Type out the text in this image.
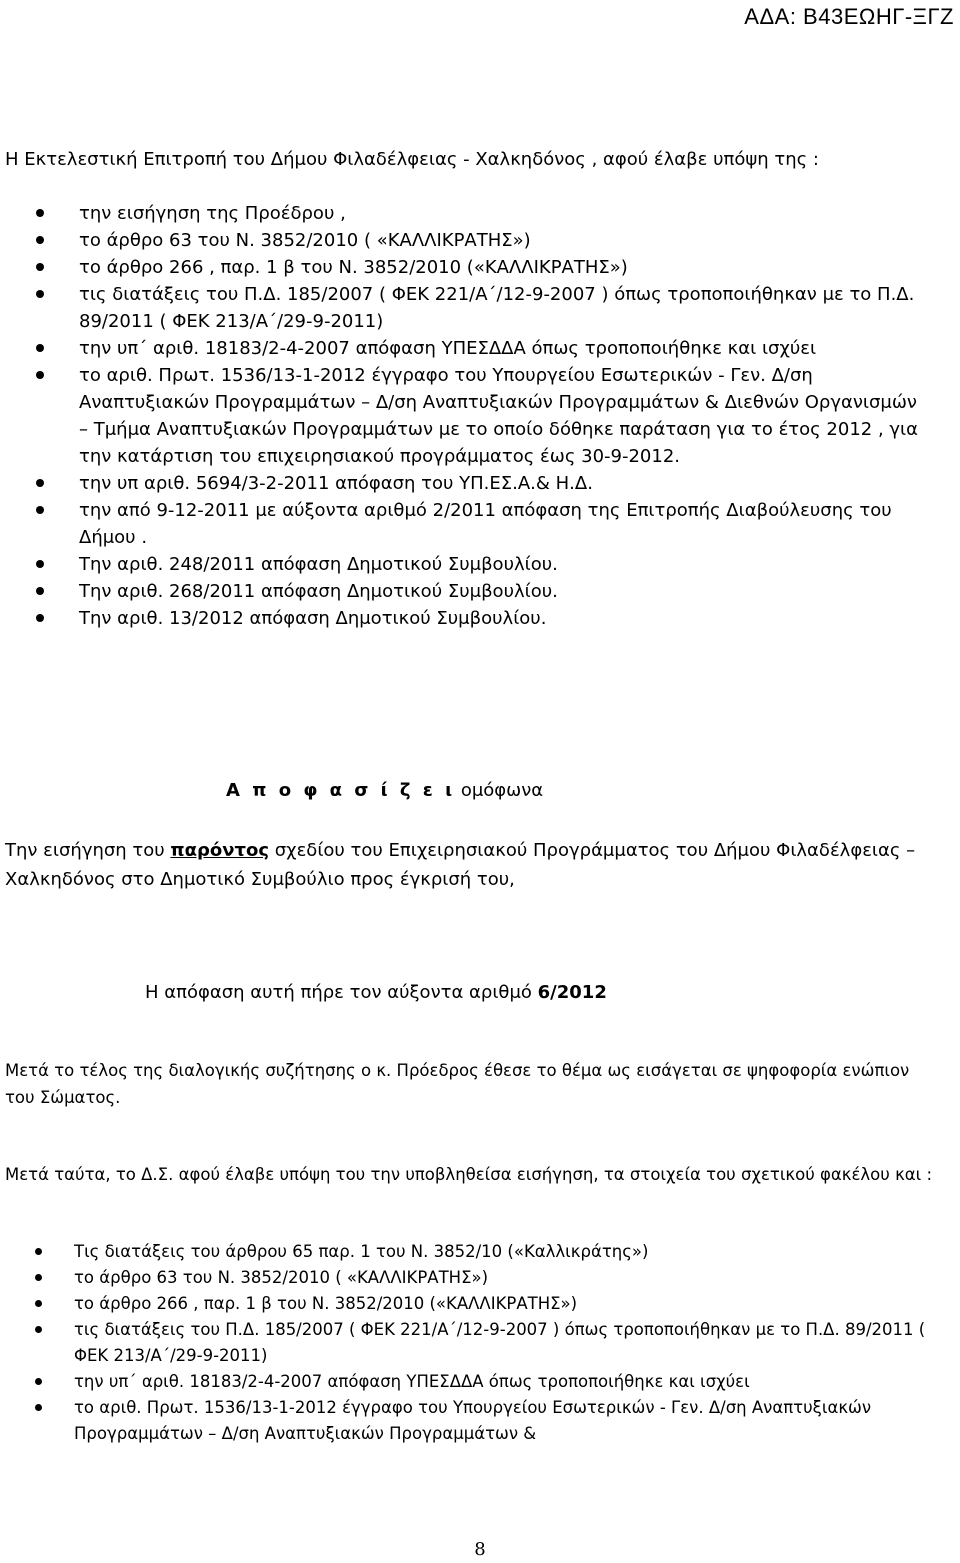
ΑΔΑ: Β43ΕΩΗΓ-ΞΓΖ
Η Εκτελεστική Επιτροπή του Δήμου Φιλαδέλφειας - Χαλκηδόνος , αφού έλαβε υπόψη της :
την εισήγηση της Προέδρου ,
το άρθρο 63 του Ν. 3852/2010 ( «ΚΑΛΛΙΚΡΑΤΗΣ»)
το άρθρο 266 , παρ. 1 β του Ν. 3852/2010 («ΚΑΛΛΙΚΡΑΤΗΣ»)
τις διατάξεις του Π.Δ. 185/2007 ( ΦΕΚ 221/Α΄/12-9-2007 ) όπως τροποποιήθηκαν με το Π.Δ. 89/2011 ( ΦΕΚ 213/Α΄/29-9-2011)
την υπ΄ αριθ. 18183/2-4-2007 απόφαση ΥΠΕΣΔΔΑ όπως τροποποιήθηκε και ισχύει
το αριθ. Πρωτ. 1536/13-1-2012 έγγραφο του Υπουργείου Εσωτερικών - Γεν. Δ/ση Αναπτυξιακών Προγραμμάτων – Δ/ση Αναπτυξιακών Προγραμμάτων & Διεθνών Οργανισμών – Τμήμα Αναπτυξιακών Προγραμμάτων με το οποίο δόθηκε παράταση για το έτος 2012 , για την κατάρτιση του επιχειρησιακού προγράμματος έως 30-9-2012.
την υπ αριθ. 5694/3-2-2011 απόφαση του ΥΠ.ΕΣ.Α.& Η.Δ.
την από 9-12-2011 με αύξοντα αριθμό 2/2011 απόφαση της Επιτροπής Διαβούλευσης του Δήμου .
Την αριθ. 248/2011 απόφαση Δημοτικού Συμβουλίου.
Την αριθ. 268/2011 απόφαση Δημοτικού Συμβουλίου.
Την αριθ. 13/2012 απόφαση Δημοτικού Συμβουλίου.
Α π ο φ α σ ί ζ ε ι ομόφωνα
Την εισήγηση του παρόντος σχεδίου του Επιχειρησιακού Προγράμματος του Δήμου Φιλαδέλφειας – Χαλκηδόνος στο Δημοτικό Συμβούλιο προς έγκρισή του,
Η απόφαση αυτή πήρε τον αύξοντα αριθμό 6/2012
Μετά το τέλος της διαλογικής συζήτησης ο κ. Πρόεδρος έθεσε το θέμα ως εισάγεται σε ψηφοφορία ενώπιον του Σώματος.
Μετά ταύτα, το Δ.Σ. αφού έλαβε υπόψη του την υποβληθείσα εισήγηση, τα στοιχεία του σχετικού φακέλου και :
Τις διατάξεις του άρθρου 65 παρ. 1 του Ν. 3852/10 («Καλλικράτης»)
το άρθρο 63 του Ν. 3852/2010 ( «ΚΑΛΛΙΚΡΑΤΗΣ»)
το άρθρο 266 , παρ. 1 β του Ν. 3852/2010 («ΚΑΛΛΙΚΡΑΤΗΣ»)
τις διατάξεις του Π.Δ. 185/2007 ( ΦΕΚ 221/Α΄/12-9-2007 ) όπως τροποποιήθηκαν με το Π.Δ. 89/2011 ( ΦΕΚ 213/Α΄/29-9-2011)
την υπ΄ αριθ. 18183/2-4-2007 απόφαση ΥΠΕΣΔΔΑ όπως τροποποιήθηκε και ισχύει
το αριθ. Πρωτ. 1536/13-1-2012 έγγραφο του Υπουργείου Εσωτερικών - Γεν. Δ/ση Αναπτυξιακών Προγραμμάτων – Δ/ση Αναπτυξιακών Προγραμμάτων &
8
